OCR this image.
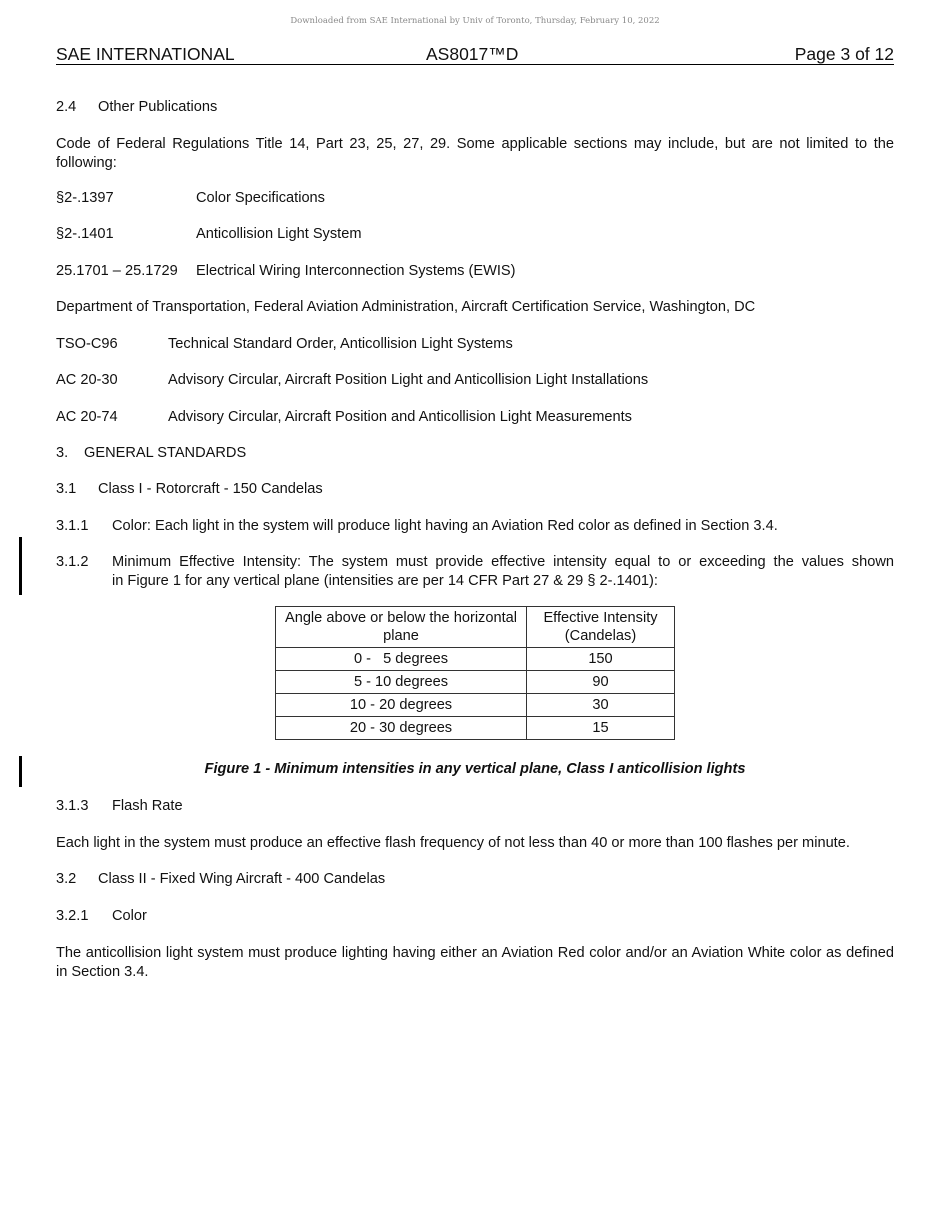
Downloaded from SAE International by Univ of Toronto, Thursday, February 10, 2022
SAE INTERNATIONAL	AS8017™D	Page 3 of 12
2.4 Other Publications
Code of Federal Regulations Title 14, Part 23, 25, 27, 29. Some applicable sections may include, but are not limited to the following:
§2-.1397	Color Specifications
§2-.1401	Anticollision Light System
25.1701 – 25.1729 Electrical Wiring Interconnection Systems (EWIS)
Department of Transportation, Federal Aviation Administration, Aircraft Certification Service, Washington, DC
TSO-C96	Technical Standard Order, Anticollision Light Systems
AC 20-30	Advisory Circular, Aircraft Position Light and Anticollision Light Installations
AC 20-74	Advisory Circular, Aircraft Position and Anticollision Light Measurements
3. GENERAL STANDARDS
3.1 Class I - Rotorcraft - 150 Candelas
3.1.1 Color: Each light in the system will produce light having an Aviation Red color as defined in Section 3.4.
3.1.2 Minimum Effective Intensity: The system must provide effective intensity equal to or exceeding the values shown
in Figure 1 for any vertical plane (intensities are per 14 CFR Part 27 & 29 § 2-.1401):
Angle above or below the horizontal plane	Effective Intensity (Candelas)
0 -   5 degrees	150
5 - 10 degrees	90
10 - 20 degrees	30
20 - 30 degrees	15
Figure 1 - Minimum intensities in any vertical plane, Class I anticollision lights
3.1.3 Flash Rate
Each light in the system must produce an effective flash frequency of not less than 40 or more than 100 flashes per minute.
3.2 Class II - Fixed Wing Aircraft - 400 Candelas
3.2.1 Color
The anticollision light system must produce lighting having either an Aviation Red color and/or an Aviation White color as defined in Section 3.4.
